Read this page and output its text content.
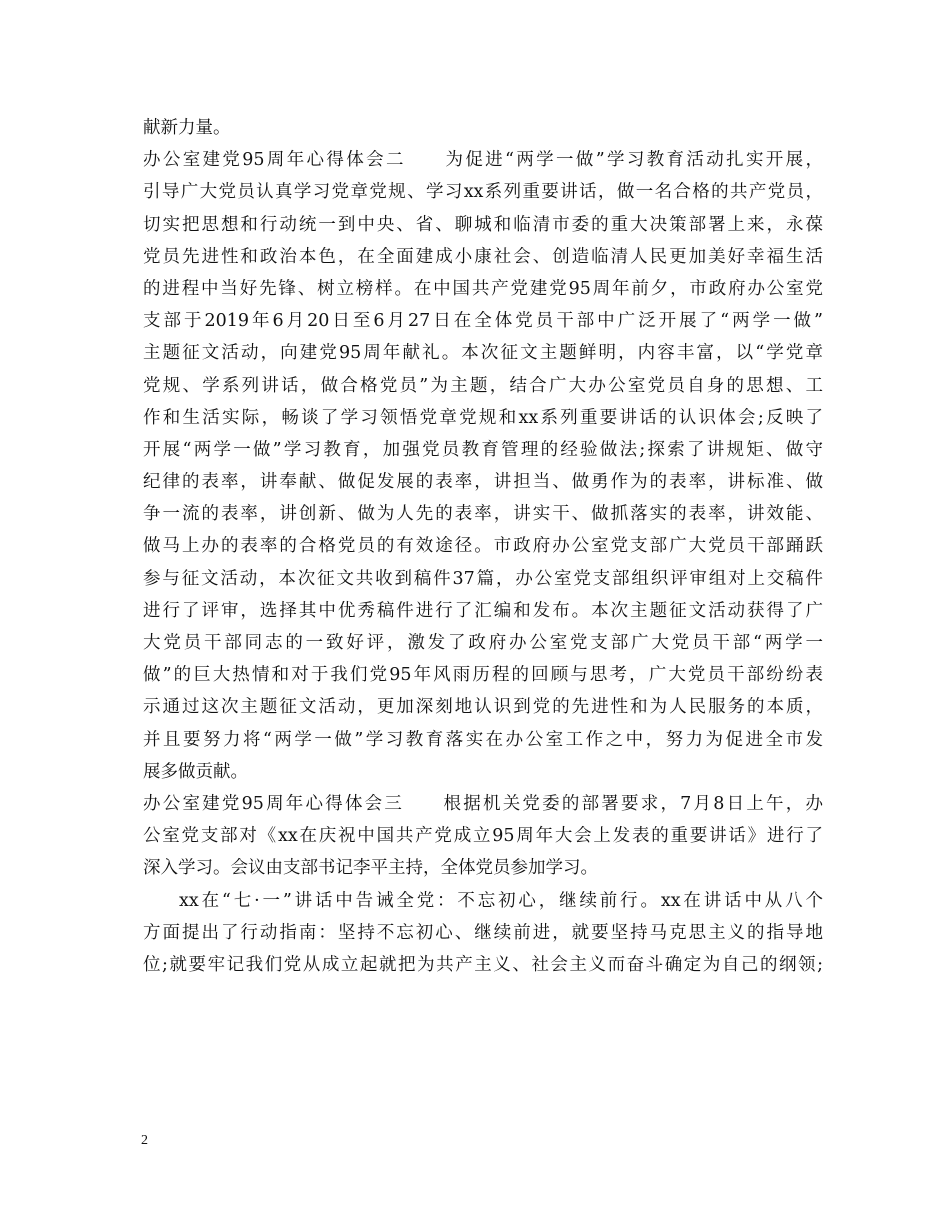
献新力量。
办公室建党95周年心得体会二　　为促进“两学一做”学习教育活动扎实开展，
引导广大党员认真学习党章党规、学习xx系列重要讲话，做一名合格的共产党员，
切实把思想和行动统一到中央、省、聊城和临清市委的重大决策部署上来，永葆
党员先进性和政治本色，在全面建成小康社会、创造临清人民更加美好幸福生活
的进程中当好先锋、树立榜样。在中国共产党建党95周年前夕，市政府办公室党
支部于2019年6月20日至6月27日在全体党员干部中广泛开展了“两学一做”
主题征文活动，向建党95周年献礼。本次征文主题鲜明，内容丰富，以“学党章
党规、学系列讲话，做合格党员”为主题，结合广大办公室党员自身的思想、工
作和生活实际，畅谈了学习领悟党章党规和xx系列重要讲话的认识体会;反映了
开展“两学一做”学习教育，加强党员教育管理的经验做法;探索了讲规矩、做守
纪律的表率，讲奉献、做促发展的表率，讲担当、做勇作为的表率，讲标准、做
争一流的表率，讲创新、做为人先的表率，讲实干、做抓落实的表率，讲效能、
做马上办的表率的合格党员的有效途径。市政府办公室党支部广大党员干部踊跃
参与征文活动，本次征文共收到稿件37篇，办公室党支部组织评审组对上交稿件
进行了评审，选择其中优秀稿件进行了汇编和发布。本次主题征文活动获得了广
大党员干部同志的一致好评，激发了政府办公室党支部广大党员干部“两学一
做”的巨大热情和对于我们党95年风雨历程的回顾与思考，广大党员干部纷纷表
示通过这次主题征文活动，更加深刻地认识到党的先进性和为人民服务的本质，
并且要努力将“两学一做”学习教育落实在办公室工作之中，努力为促进全市发
展多做贡献。
办公室建党95周年心得体会三　　根据机关党委的部署要求，7月8日上午，办
公室党支部对《xx在庆祝中国共产党成立95周年大会上发表的重要讲话》进行了
深入学习。会议由支部书记李平主持，全体党员参加学习。
xx在“七·一”讲话中告诫全党：不忘初心，继续前行。xx在讲话中从八个
方面提出了行动指南：坚持不忘初心、继续前进，就要坚持马克思主义的指导地
位;就要牢记我们党从成立起就把为共产主义、社会主义而奋斗确定为自己的纲领;
2
